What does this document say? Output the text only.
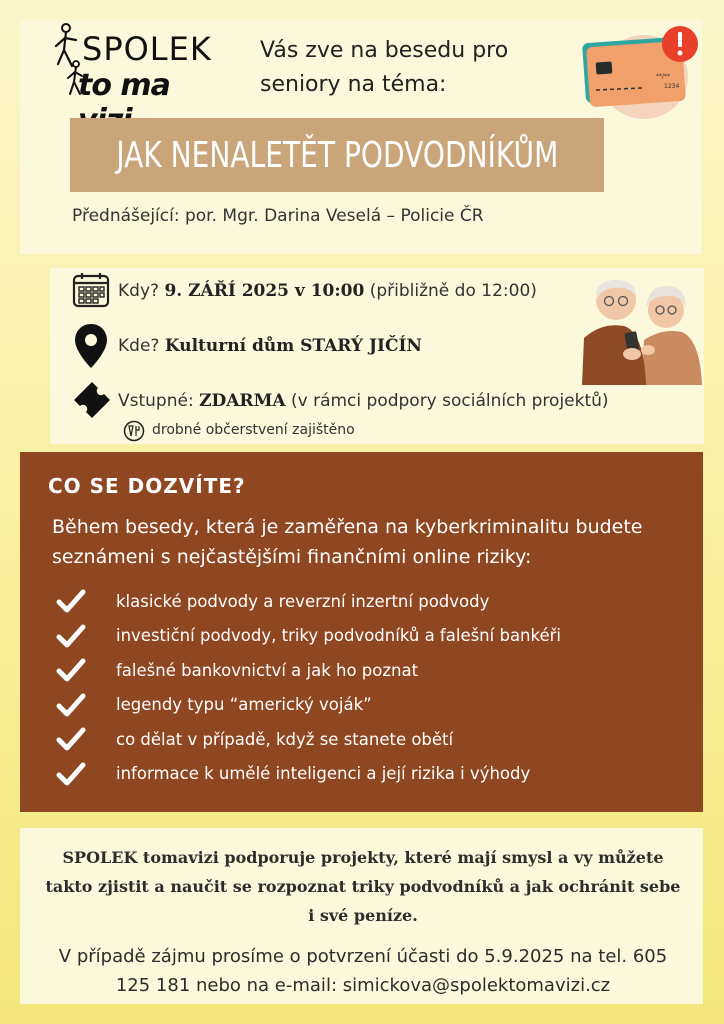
SPOLEK
to ma
Vás zve na besedu pro seniory na téma:	**/**
1234
JAK NENALETĚT PODVODNÍKŮM
Přednášející: por. Mgr. Darina Veselá – Policie ČR
Kdy? 9. ZÁŘÍ 2025 v 10:00 (přibližně do 12:00)
Kde? Kulturní dům STARÝ JIČÍN
Vstupné: ZDARMA (v rámci podpory sociálních projektů)
drobné občerstvení zajištěno
CO SE DOZVÍTE?
Během besedy, která je zaměřena na kyberkriminalitu budete seznámeni s nejčastějšími finančními online riziky:
klasické podvody a reverzní inzertní podvody
investiční podvody, triky podvodníků a falešní bankéři
falešné bankovnictví a jak ho poznat
legendy typu “americký voják”
co dělat v případě, když se stanete obětí
informace k umělé inteligenci a její rizika i výhody
SPOLEK tomavizi podporuje projekty, které mají smysl a vy můžete takto zjistit a naučit se rozpoznat triky podvodníků a jak ochránit sebe i své peníze.
V případě zájmu prosíme o potvrzení účasti do 5.9.2025 na tel. 605 125 181 nebo na e-mail: simickova@spolektomavizi.cz
